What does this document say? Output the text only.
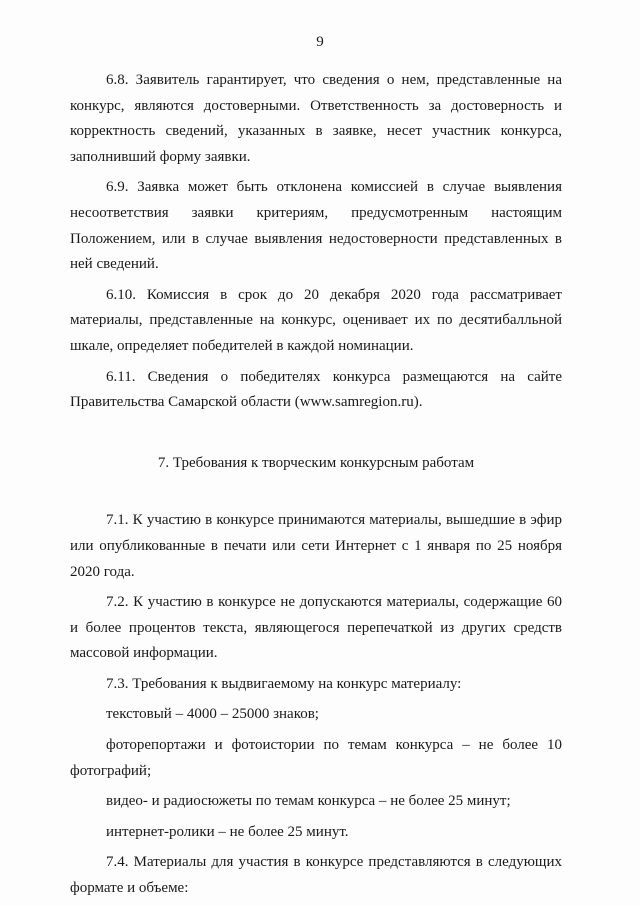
9

6.8. Заявитель гарантирует, что сведения о нем, представленные на конкурс, являются достоверными. Ответственность за достоверность и корректность сведений, указанных в заявке, несет участник конкурса, заполнивший форму заявки.

6.9. Заявка может быть отклонена комиссией в случае выявления несоответствия заявки критериям, предусмотренным настоящим Положением, или в случае выявления недостоверности представленных в ней сведений.

6.10. Комиссия в срок до 20 декабря 2020 года рассматривает материалы, представленные на конкурс, оценивает их по десятибалльной шкале, определяет победителей в каждой номинации.

6.11. Сведения о победителях конкурса размещаются на сайте Правительства Самарской области (www.samregion.ru).

7. Требования к творческим конкурсным работам

7.1. К участию в конкурсе принимаются материалы, вышедшие в эфир или опубликованные в печати или сети Интернет с 1 января по 25 ноября 2020 года.

7.2. К участию в конкурсе не допускаются материалы, содержащие 60 и более процентов текста, являющегося перепечаткой из других средств массовой информации.

7.3. Требования к выдвигаемому на конкурс материалу:

текстовый – 4000 – 25000 знаков;

фоторепортажи и фотоистории по темам конкурса – не более 10 фотографий;

видео- и радиосюжеты по темам конкурса – не более 25 минут;

интернет-ролики – не более 25 минут.

7.4. Материалы для участия в конкурсе представляются в следующих формате и объеме:
